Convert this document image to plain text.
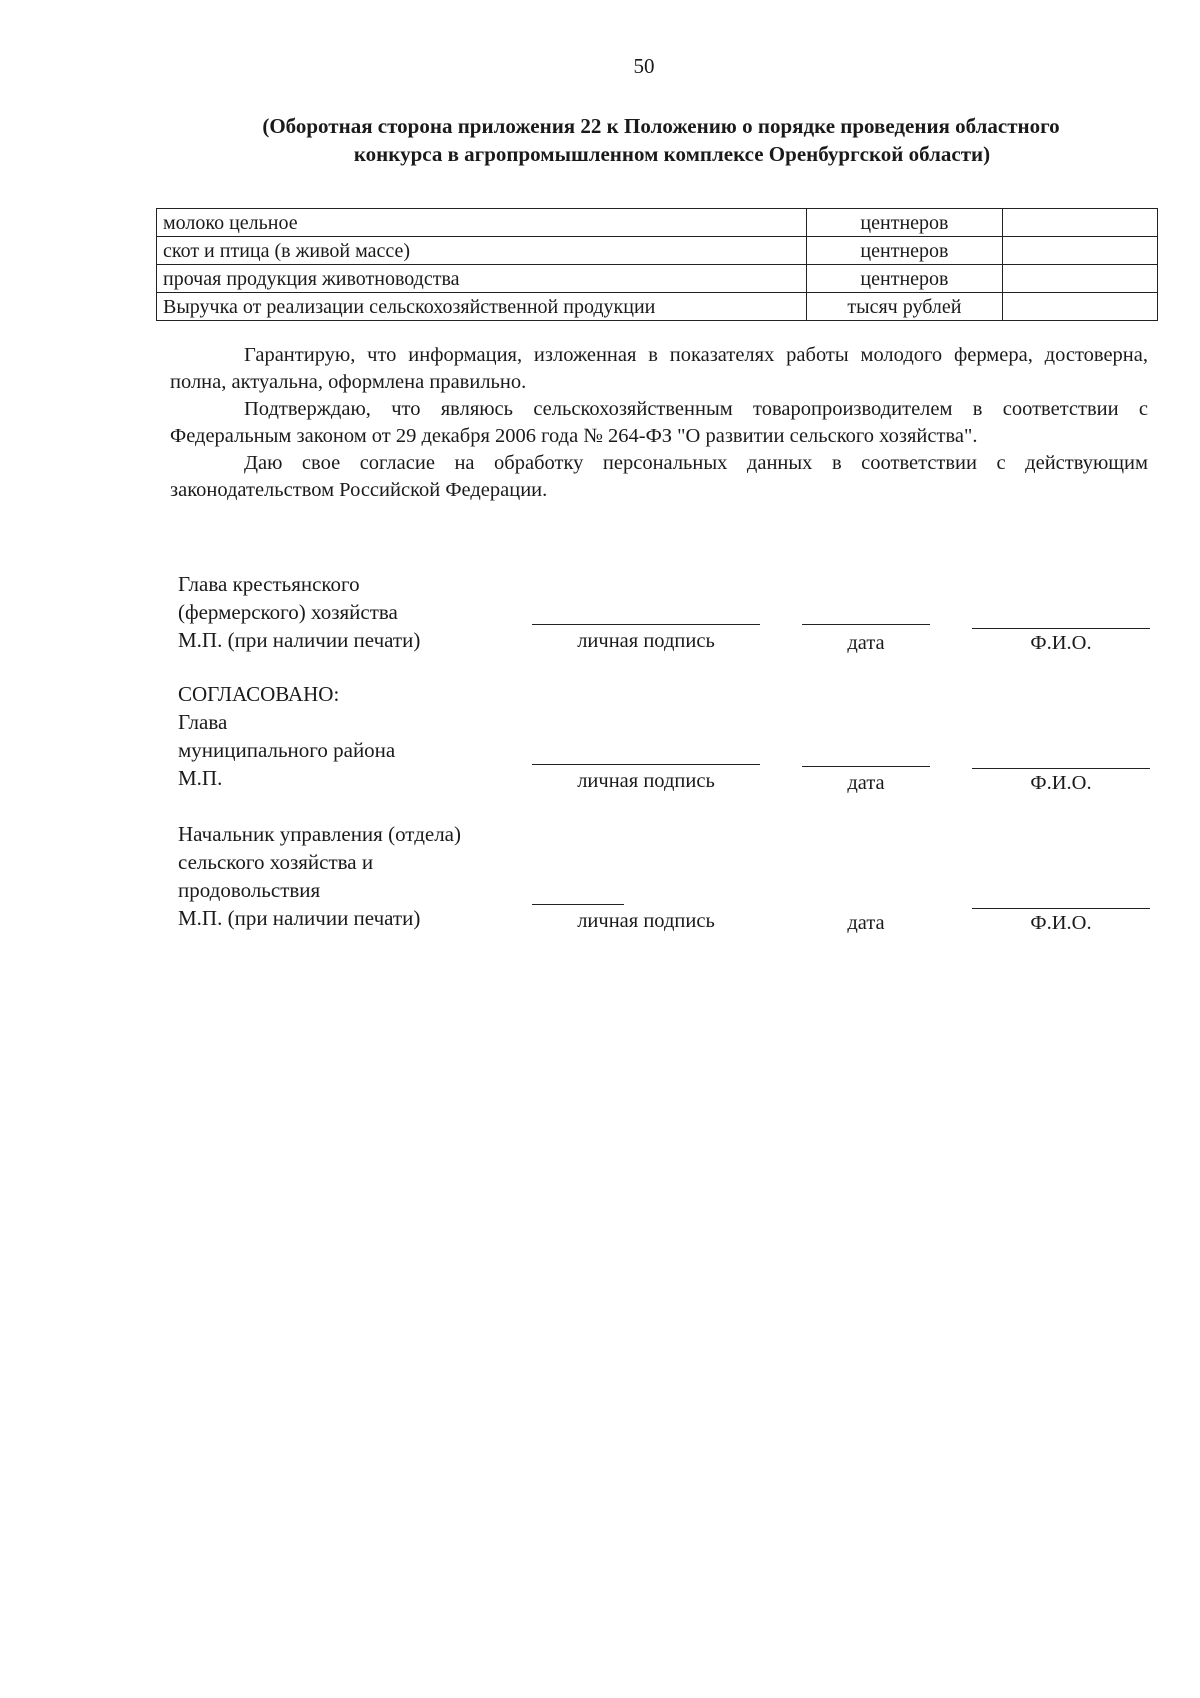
50
(Оборотная сторона приложения 22 к Положению о порядке проведения областного
конкурса в агропромышленном комплексе Оренбургской области)
молоко цельное	центнеров	
скот и птица (в живой массе)	центнеров	
прочая продукция животноводства	центнеров	
Выручка от реализации сельскохозяйственной продукции	тысяч рублей	

Гарантирую, что информация, изложенная в показателях работы молодого фермера, достоверна, полна, актуальна, оформлена правильно.

Подтверждаю, что являюсь сельскохозяйственным товаропроизводителем в соответствии с Федеральным законом от 29 декабря 2006 года № 264-ФЗ "О развитии сельского хозяйства".

Даю свое согласие на обработку персональных данных в соответствии с действующим законодательством Российской Федерации.

Глава крестьянского
(фермерского) хозяйства
М.П. (при наличии печати)	личная подпись	дата	Ф.И.О.
СОГЛАСОВАНО:
Глава
муниципального района
М.П.	личная подпись	дата	Ф.И.О.
Начальник управления (отдела)
сельского хозяйства и
продовольствия
М.П. (при наличии печати)	личная подпись	дата	Ф.И.О.
